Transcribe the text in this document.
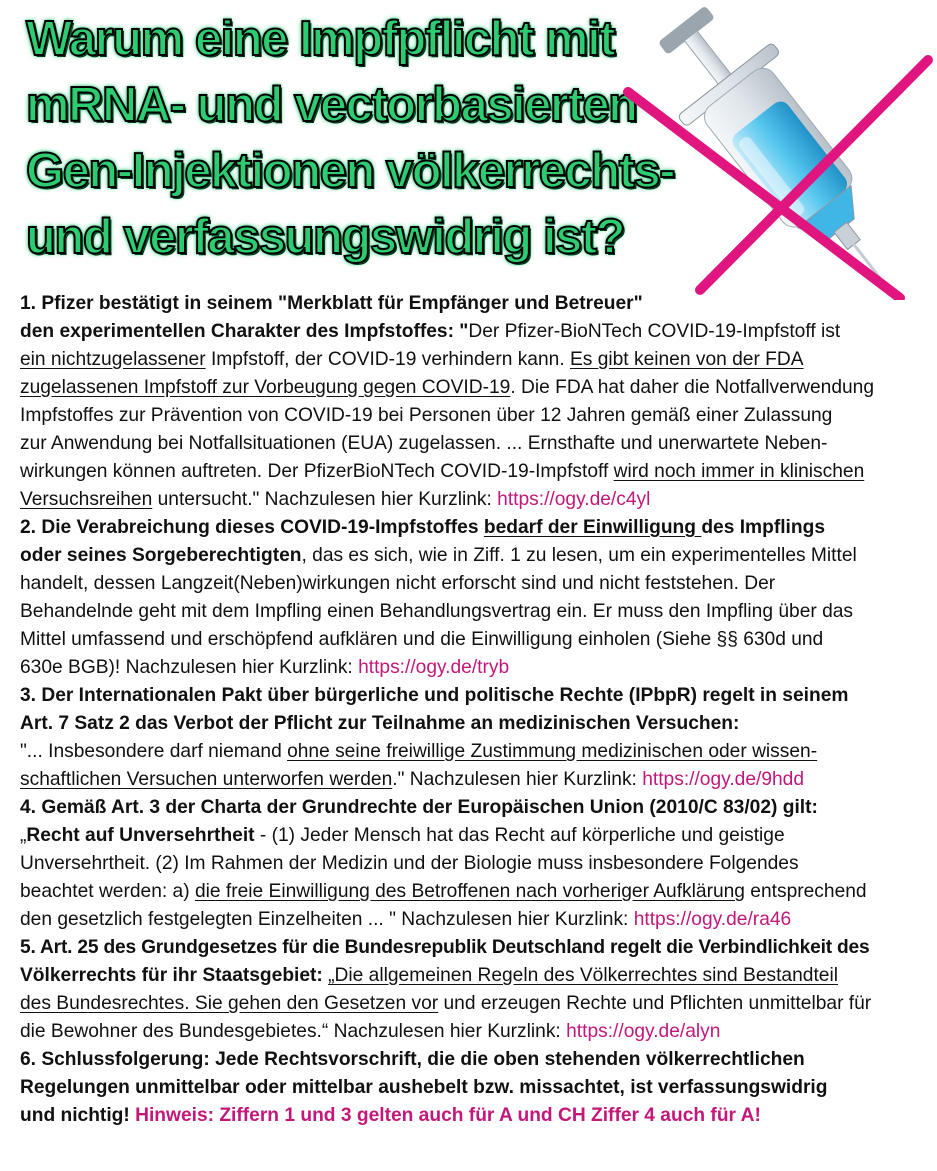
Warum eine Impfpflicht mit
mRNA- und vectorbasierten
Gen-Injektionen völkerrechts-
und verfassungswidrig ist?

1. Pfizer bestätigt in seinem "Merkblatt für Empfänger und Betreuer"
den experimentellen Charakter des Impfstoffes: "Der Pfizer-BioNTech COVID-19-Impfstoff ist
ein nichtzugelassener Impfstoff, der COVID-19 verhindern kann. Es gibt keinen von der FDA
zugelassenen Impfstoff zur Vorbeugung gegen COVID-19. Die FDA hat daher die Notfallverwendung
Impfstoffes zur Prävention von COVID-19 bei Personen über 12 Jahren gemäß einer Zulassung
zur Anwendung bei Notfallsituationen (EUA) zugelassen. ... Ernsthafte und unerwartete Neben-
wirkungen können auftreten. Der PfizerBioNTech COVID-19-Impfstoff wird noch immer in klinischen
Versuchsreihen untersucht." Nachzulesen hier Kurzlink: https://ogy.de/c4yl

2. Die Verabreichung dieses COVID-19-Impfstoffes bedarf der Einwilligung des Impflings
oder seines Sorgeberechtigten, das es sich, wie in Ziff. 1 zu lesen, um ein experimentelles Mittel
handelt, dessen Langzeit(Neben)wirkungen nicht erforscht sind und nicht feststehen. Der
Behandelnde geht mit dem Impfling einen Behandlungsvertrag ein. Er muss den Impfling über das
Mittel umfassend und erschöpfend aufklären und die Einwilligung einholen (Siehe §§ 630d und
630e BGB)! Nachzulesen hier Kurzlink: https://ogy.de/tryb

3. Der Internationalen Pakt über bürgerliche und politische Rechte (IPbpR) regelt in seinem
Art. 7 Satz 2 das Verbot der Pflicht zur Teilnahme an medizinischen Versuchen:
"... Insbesondere darf niemand ohne seine freiwillige Zustimmung medizinischen oder wissen-
schaftlichen Versuchen unterworfen werden." Nachzulesen hier Kurzlink: https://ogy.de/9hdd

4. Gemäß Art. 3 der Charta der Grundrechte der Europäischen Union (2010/C 83/02) gilt:
„Recht auf Unversehrtheit - (1) Jeder Mensch hat das Recht auf körperliche und geistige
Unversehrtheit. (2) Im Rahmen der Medizin und der Biologie muss insbesondere Folgendes
beachtet werden: a) die freie Einwilligung des Betroffenen nach vorheriger Aufklärung entsprechend
den gesetzlich festgelegten Einzelheiten ... " Nachzulesen hier Kurzlink: https://ogy.de/ra46

5. Art. 25 des Grundgesetzes für die Bundesrepublik Deutschland regelt die Verbindlichkeit des
Völkerrechts für ihr Staatsgebiet: „Die allgemeinen Regeln des Völkerrechtes sind Bestandteil
des Bundesrechtes. Sie gehen den Gesetzen vor und erzeugen Rechte und Pflichten unmittelbar für
die Bewohner des Bundesgebietes.“ Nachzulesen hier Kurzlink: https://ogy.de/alyn

6. Schlussfolgerung: Jede Rechtsvorschrift, die die oben stehenden völkerrechtlichen
Regelungen unmittelbar oder mittelbar aushebelt bzw. missachtet, ist verfassungswidrig
und nichtig! Hinweis: Ziffern 1 und 3 gelten auch für A und CH Ziffer 4 auch für A!
